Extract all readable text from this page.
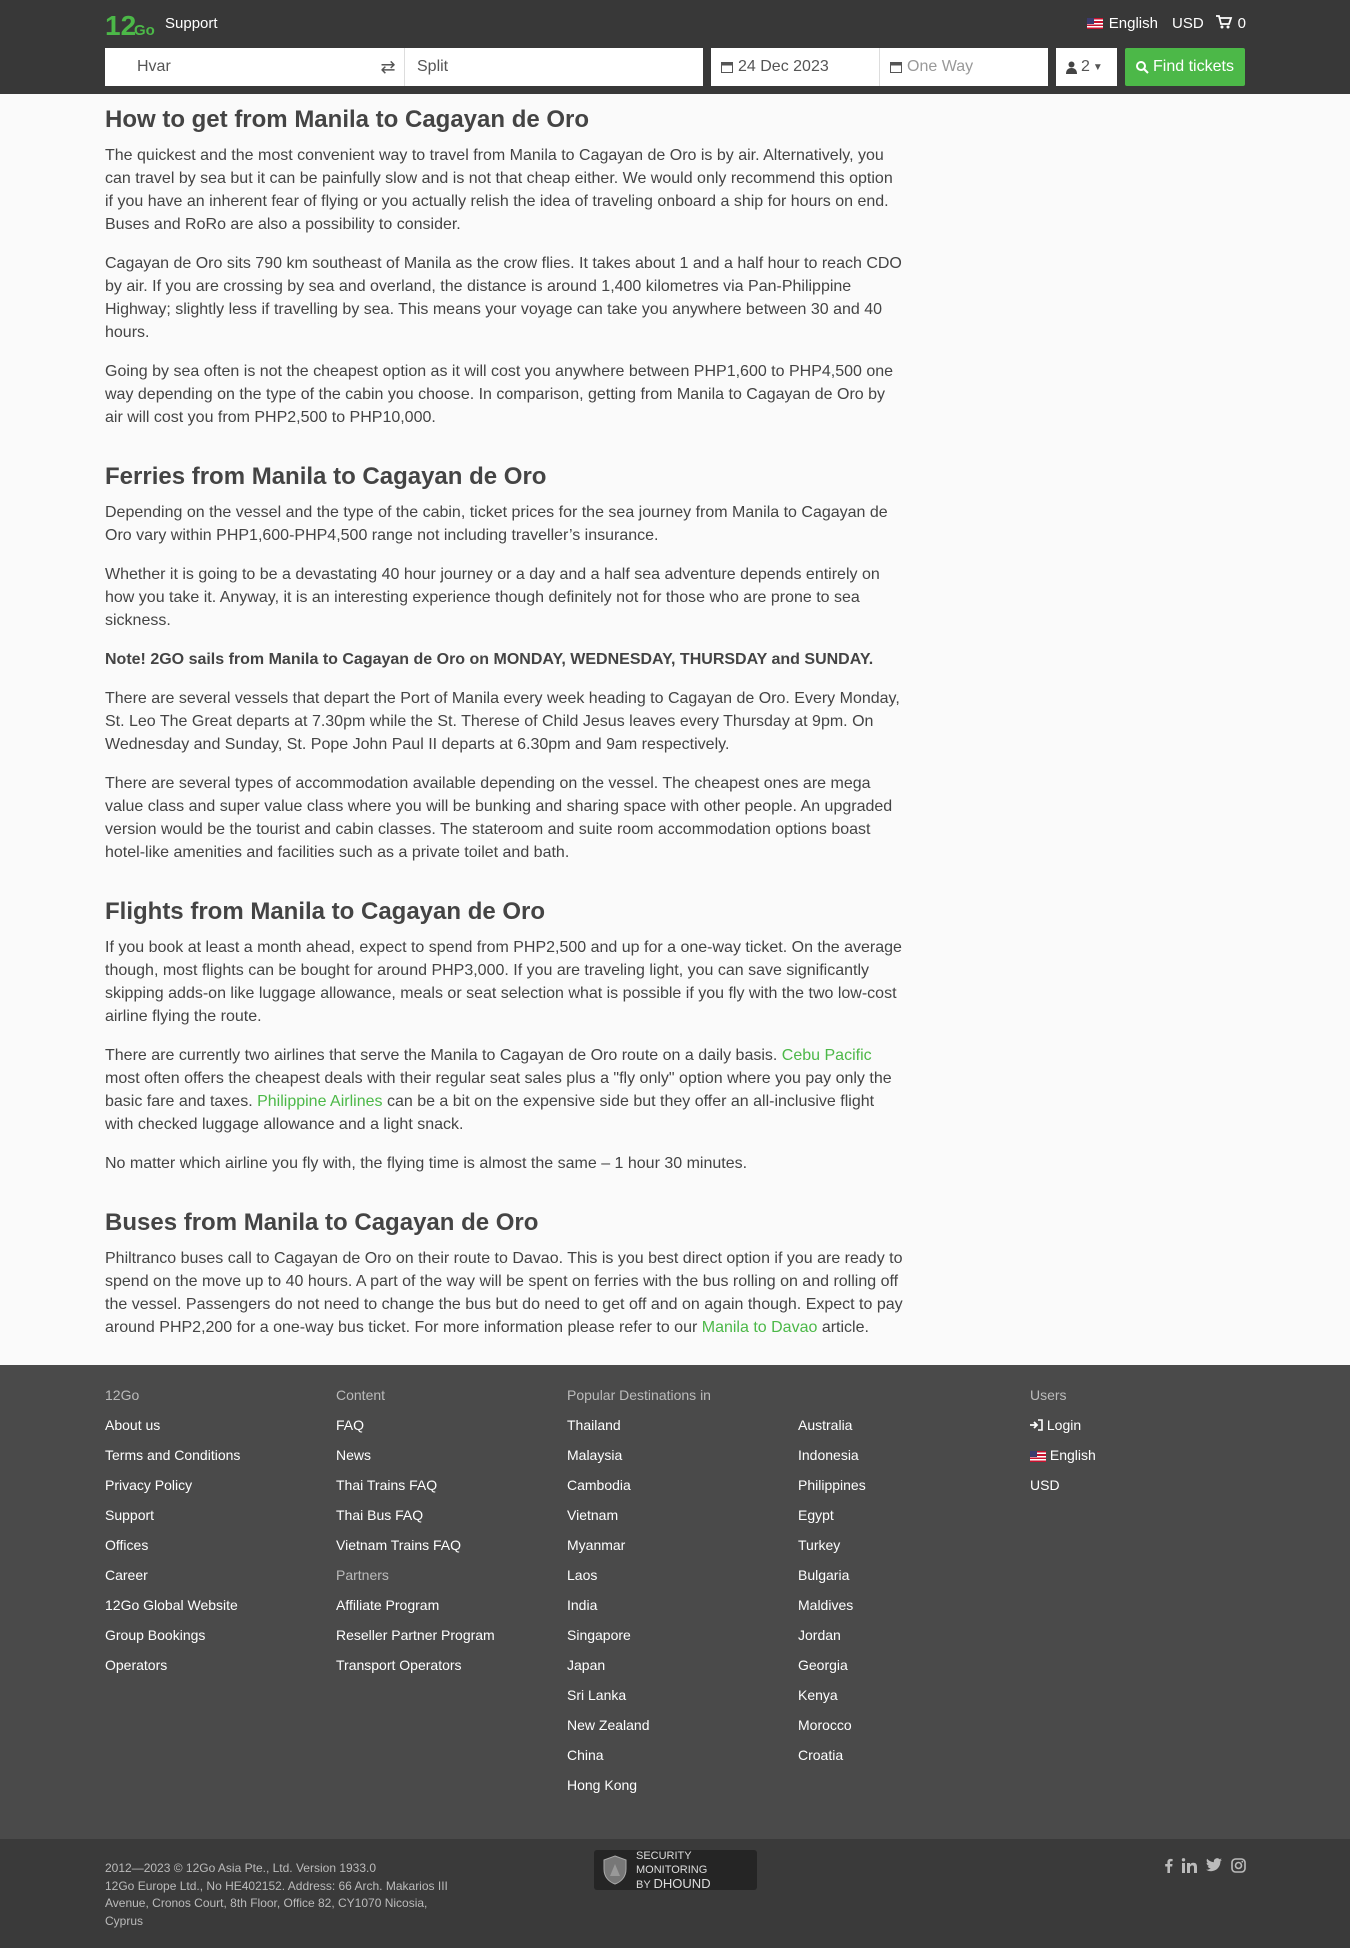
12
Go Support	English USD 0
Hvar	⇄	Split	24 Dec 2023	One Way	2 ▼	Find tickets
How to get from Manila to Cagayan de Oro

The quickest and the most convenient way to travel from Manila to Cagayan de Oro is by air. Alternatively, you can travel by sea but it can be painfully slow and is not that cheap either. We would only recommend this option if you have an inherent fear of flying or you actually relish the idea of traveling onboard a ship for hours on end. Buses and RoRo are also a possibility to consider.

Cagayan de Oro sits 790 km southeast of Manila as the crow flies. It takes about 1 and a half hour to reach CDO by air. If you are crossing by sea and overland, the distance is around 1,400 kilometres via Pan-Philippine Highway; slightly less if travelling by sea. This means your voyage can take you anywhere between 30 and 40 hours.

Going by sea often is not the cheapest option as it will cost you anywhere between PHP1,600 to PHP4,500 one way depending on the type of the cabin you choose. In comparison, getting from Manila to Cagayan de Oro by air will cost you from PHP2,500 to PHP10,000.

Ferries from Manila to Cagayan de Oro

Depending on the vessel and the type of the cabin, ticket prices for the sea journey from Manila to Cagayan de Oro vary within PHP1,600-PHP4,500 range not including traveller’s insurance.

Whether it is going to be a devastating 40 hour journey or a day and a half sea adventure depends entirely on how you take it. Anyway, it is an interesting experience though definitely not for those who are prone to sea sickness.

Note! 2GO sails from Manila to Cagayan de Oro on MONDAY, WEDNESDAY, THURSDAY and SUNDAY.

There are several vessels that depart the Port of Manila every week heading to Cagayan de Oro. Every Monday, St. Leo The Great departs at 7.30pm while the St. Therese of Child Jesus leaves every Thursday at 9pm. On Wednesday and Sunday, St. Pope John Paul II departs at 6.30pm and 9am respectively.

There are several types of accommodation available depending on the vessel. The cheapest ones are mega value class and super value class where you will be bunking and sharing space with other people. An upgraded version would be the tourist and cabin classes. The stateroom and suite room accommodation options boast hotel-like amenities and facilities such as a private toilet and bath.

Flights from Manila to Cagayan de Oro

If you book at least a month ahead, expect to spend from PHP2,500 and up for a one-way ticket. On the average though, most flights can be bought for around PHP3,000. If you are traveling light, you can save significantly skipping adds-on like luggage allowance, meals or seat selection what is possible if you fly with the two low-cost airline flying the route.

There are currently two airlines that serve the Manila to Cagayan de Oro route on a daily basis. Cebu Pacific most often offers the cheapest deals with their regular seat sales plus a "fly only" option where you pay only the basic fare and taxes. Philippine Airlines can be a bit on the expensive side but they offer an all-inclusive flight with checked luggage allowance and a light snack.

No matter which airline you fly with, the flying time is almost the same – 1 hour 30 minutes.

Buses from Manila to Cagayan de Oro

Philtranco buses call to Cagayan de Oro on their route to Davao. This is you best direct option if you are ready to spend on the move up to 40 hours. A part of the way will be spent on ferries with the bus rolling on and rolling off the vessel. Passengers do not need to change the bus but do need to get off and on again though. Expect to pay around PHP2,200 for a one-way bus ticket. For more information please refer to our Manila to Davao article.

12Go
About us
Terms and Conditions
Privacy Policy
Support
Offices
Career
12Go Global Website
Group Bookings
Operators
Content
FAQ
News
Thai Trains FAQ
Thai Bus FAQ
Vietnam Trains FAQ
Partners
Affiliate Program
Reseller Partner Program
Transport Operators
Popular Destinations in
Thailand
Malaysia
Cambodia
Vietnam
Myanmar
Laos
India
Singapore
Japan
Sri Lanka
New Zealand
China
Hong Kong
Australia
Indonesia
Philippines
Egypt
Turkey
Bulgaria
Maldives
Jordan
Georgia
Kenya
Morocco
Croatia
Users
Login
English
USD
2012—2023 © 12Go Asia Pte., Ltd. Version 1933.0
12Go Europe Ltd., No HE402152. Address: 66 Arch. Makarios III Avenue, Cronos Court, 8th Floor, Office 82, CY1070 Nicosia, Cyprus
SECURITY MONITORING
BY DHOUND
